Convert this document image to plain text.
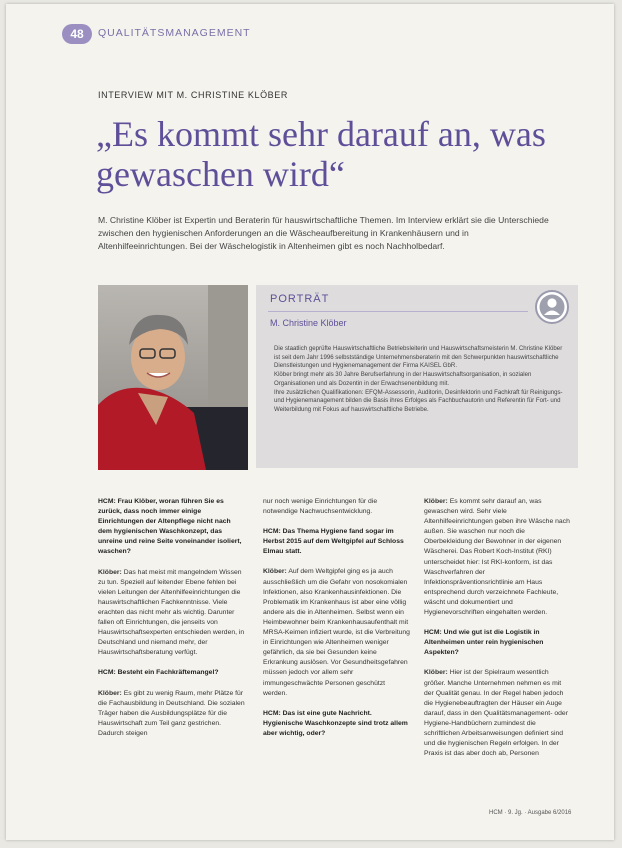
48	QUALITÄTSMANAGEMENT
INTERVIEW MIT M. CHRISTINE KLÖBER
„Es kommt sehr darauf an, was gewaschen wird“
M. Christine Klöber ist Expertin und Beraterin für hauswirtschaftliche Themen. Im Interview erklärt sie die Unterschiede zwischen den hygienischen Anforderungen an die Wäscheaufbereitung in Krankenhäusern und in Altenhilfeeinrichtungen. Bei der Wäschelogistik in Altenheimen gibt es noch Nachholbedarf.
PORTRÄT
M. Christine Klöber
Die staatlich geprüfte Hauswirtschaftliche Betriebsleiterin und Hauswirtschaftsmeisterin M. Christine Klöber ist seit dem Jahr 1996 selbstständige Unternehmensberaterin mit den Schwerpunkten hauswirtschaftliche Dienstleistungen und Hygienemanagement der Firma KAISEL GbR.
Klöber bringt mehr als 30 Jahre Berufserfahrung in der Hauswirtschaftsorganisation, in sozialen Organisationen und als Dozentin in der Erwachsenenbildung mit.
Ihre zusätzlichen Qualifikationen: EFQM-Assessorin, Auditorin, Desinfektorin und Fachkraft für Reinigungs- und Hygienemanagement bilden die Basis ihres Erfolges als Fachbuchautorin und Referentin für Fort- und Weiterbildung mit Fokus auf hauswirtschaftliche Betriebe.

HCM: Frau Klöber, woran führen Sie es zurück, dass noch immer einige Einrichtungen der Altenpflege nicht nach dem hygienischen Waschkonzept, das unreine und reine Seite voneinander isoliert, waschen?

Klöber: Das hat meist mit mangelndem Wissen zu tun. Speziell auf leitender Ebene fehlen bei vielen Leitungen der Altenhilfeeinrichtungen die hauswirtschaftlichen Fachkenntnisse. Viele erachten das nicht mehr als wichtig. Darunter fallen oft Einrichtungen, die jenseits von Hauswirtschaftsexperten entschieden werden, in Deutschland und niemand mehr, der Hauswirtschaftsberatung verfügt.

HCM: Besteht ein Fachkräftemangel?

Klöber: Es gibt zu wenig Raum, mehr Plätze für die Fachausbildung in Deutschland. Die sozialen Träger haben die Ausbildungsplätze für die Hauswirtschaft zum Teil ganz gestrichen. Dadurch steigen

nur noch wenige Einrichtungen für die notwendige Nachwuchsentwicklung.

HCM: Das Thema Hygiene fand sogar im Herbst 2015 auf dem Weltgipfel auf Schloss Elmau statt.

Klöber: Auf dem Weltgipfel ging es ja auch ausschließlich um die Gefahr von nosokomialen Infektionen, also Krankenhausinfektionen. Die Problematik im Krankenhaus ist aber eine völlig andere als die in Altenheimen. Selbst wenn ein Heimbewohner beim Krankenhausaufenthalt mit MRSA-Keimen infiziert wurde, ist die Verbreitung in Einrichtungen wie Altenheimen weniger gefährlich, da sie bei Gesunden keine Erkrankung auslösen. Vor Gesundheitsgefahren müssen jedoch vor allem sehr immungeschwächte Personen geschützt werden.

HCM: Das ist eine gute Nachricht. Hygienische Waschkonzepte sind trotz allem aber wichtig, oder?

Klöber: Es kommt sehr darauf an, was gewaschen wird. Sehr viele Altenhilfeeinrichtungen geben ihre Wäsche nach außen. Sie waschen nur noch die Oberbekleidung der Bewohner in der eigenen Wäscherei. Das Robert Koch-Institut (RKI) unterscheidet hier: Ist RKI-konform, ist das Waschverfahren der Infektionspräventionsrichtlinie am Haus entsprechend durch verzeichnete Fachleute, wäscht und dokumentiert und Hygienevorschriften eingehalten werden.

HCM: Und wie gut ist die Logistik in Altenheimen unter rein hygienischen Aspekten?

Klöber: Hier ist der Spielraum wesentlich größer. Manche Unternehmen nehmen es mit der Qualität genau. In der Regel haben jedoch die Hygienebeauftragten der Häuser ein Auge darauf, dass in den Qualitätsmanagement- oder Hygiene-Handbüchern zumindest die schriftlichen Arbeitsanweisungen definiert sind und die hygienischen Regeln erfolgen. In der Praxis ist das aber doch ab, Personen

HCM · 9. Jg. · Ausgabe 6/2016
